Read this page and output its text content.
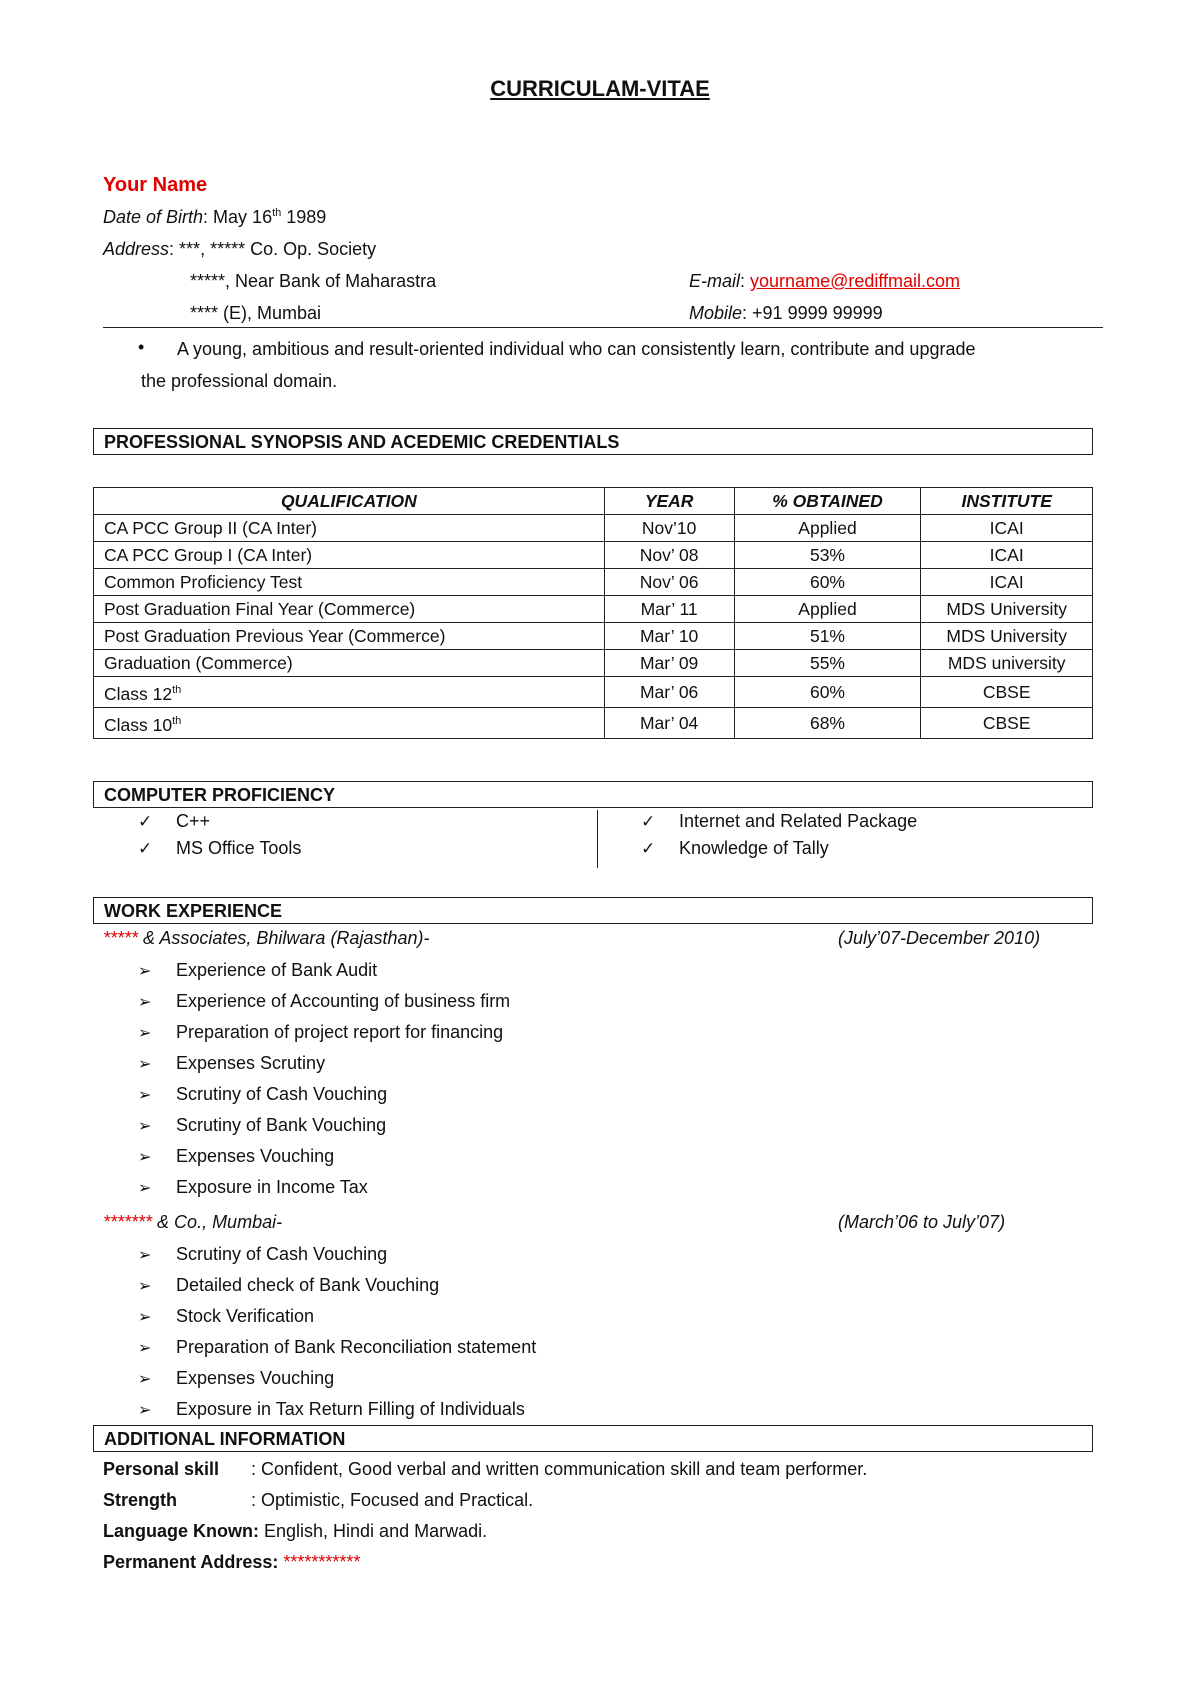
CURRICULAM-VITAE
Your Name
Date of Birth: May 16th 1989
Address: ***, ***** Co. Op. Society
*****, Near Bank of Maharastra
**** (E), Mumbai
E-mail: yourname@rediffmail.com
Mobile: +91 9999 99999
• A young, ambitious and result-oriented individual who can consistently learn, contribute and upgrade
the professional domain.
PROFESSIONAL SYNOPSIS AND ACEDEMIC CREDENTIALS
QUALIFICATION	YEAR	% OBTAINED	INSTITUTE
CA PCC Group II (CA Inter)	Nov’10	Applied	ICAI
CA PCC Group I (CA Inter)	Nov’ 08	53%	ICAI
Common Proficiency Test	Nov’ 06	60%	ICAI
Post Graduation Final Year (Commerce)	Mar’ 11	Applied	MDS University
Post Graduation Previous Year (Commerce)	Mar’ 10	51%	MDS University
Graduation (Commerce)	Mar’ 09	55%	MDS university
Class 12th	Mar’ 06	60%	CBSE
Class 10th	Mar’ 04	68%	CBSE
COMPUTER PROFICIENCY
✓ C++
✓ MS Office Tools
✓ Internet and Related Package
✓ Knowledge of Tally
WORK EXPERIENCE
***** & Associates, Bhilwara (Rajasthan)-	(July’07-December 2010)
➢ Experience of Bank Audit
➢ Experience of Accounting of business firm
➢ Preparation of project report for financing
➢ Expenses Scrutiny
➢ Scrutiny of Cash Vouching
➢ Scrutiny of Bank Vouching
➢ Expenses Vouching
➢ Exposure in Income Tax
******* & Co., Mumbai-	(March’06 to July’07)
➢ Scrutiny of Cash Vouching
➢ Detailed check of Bank Vouching
➢ Stock Verification
➢ Preparation of Bank Reconciliation statement
➢ Expenses Vouching
➢ Exposure in Tax Return Filling of Individuals
ADDITIONAL INFORMATION
Personal skill : Confident, Good verbal and written communication skill and team performer.
Strength	: Optimistic, Focused and Practical.
Language Known: English, Hindi and Marwadi.
Permanent Address: ***********
